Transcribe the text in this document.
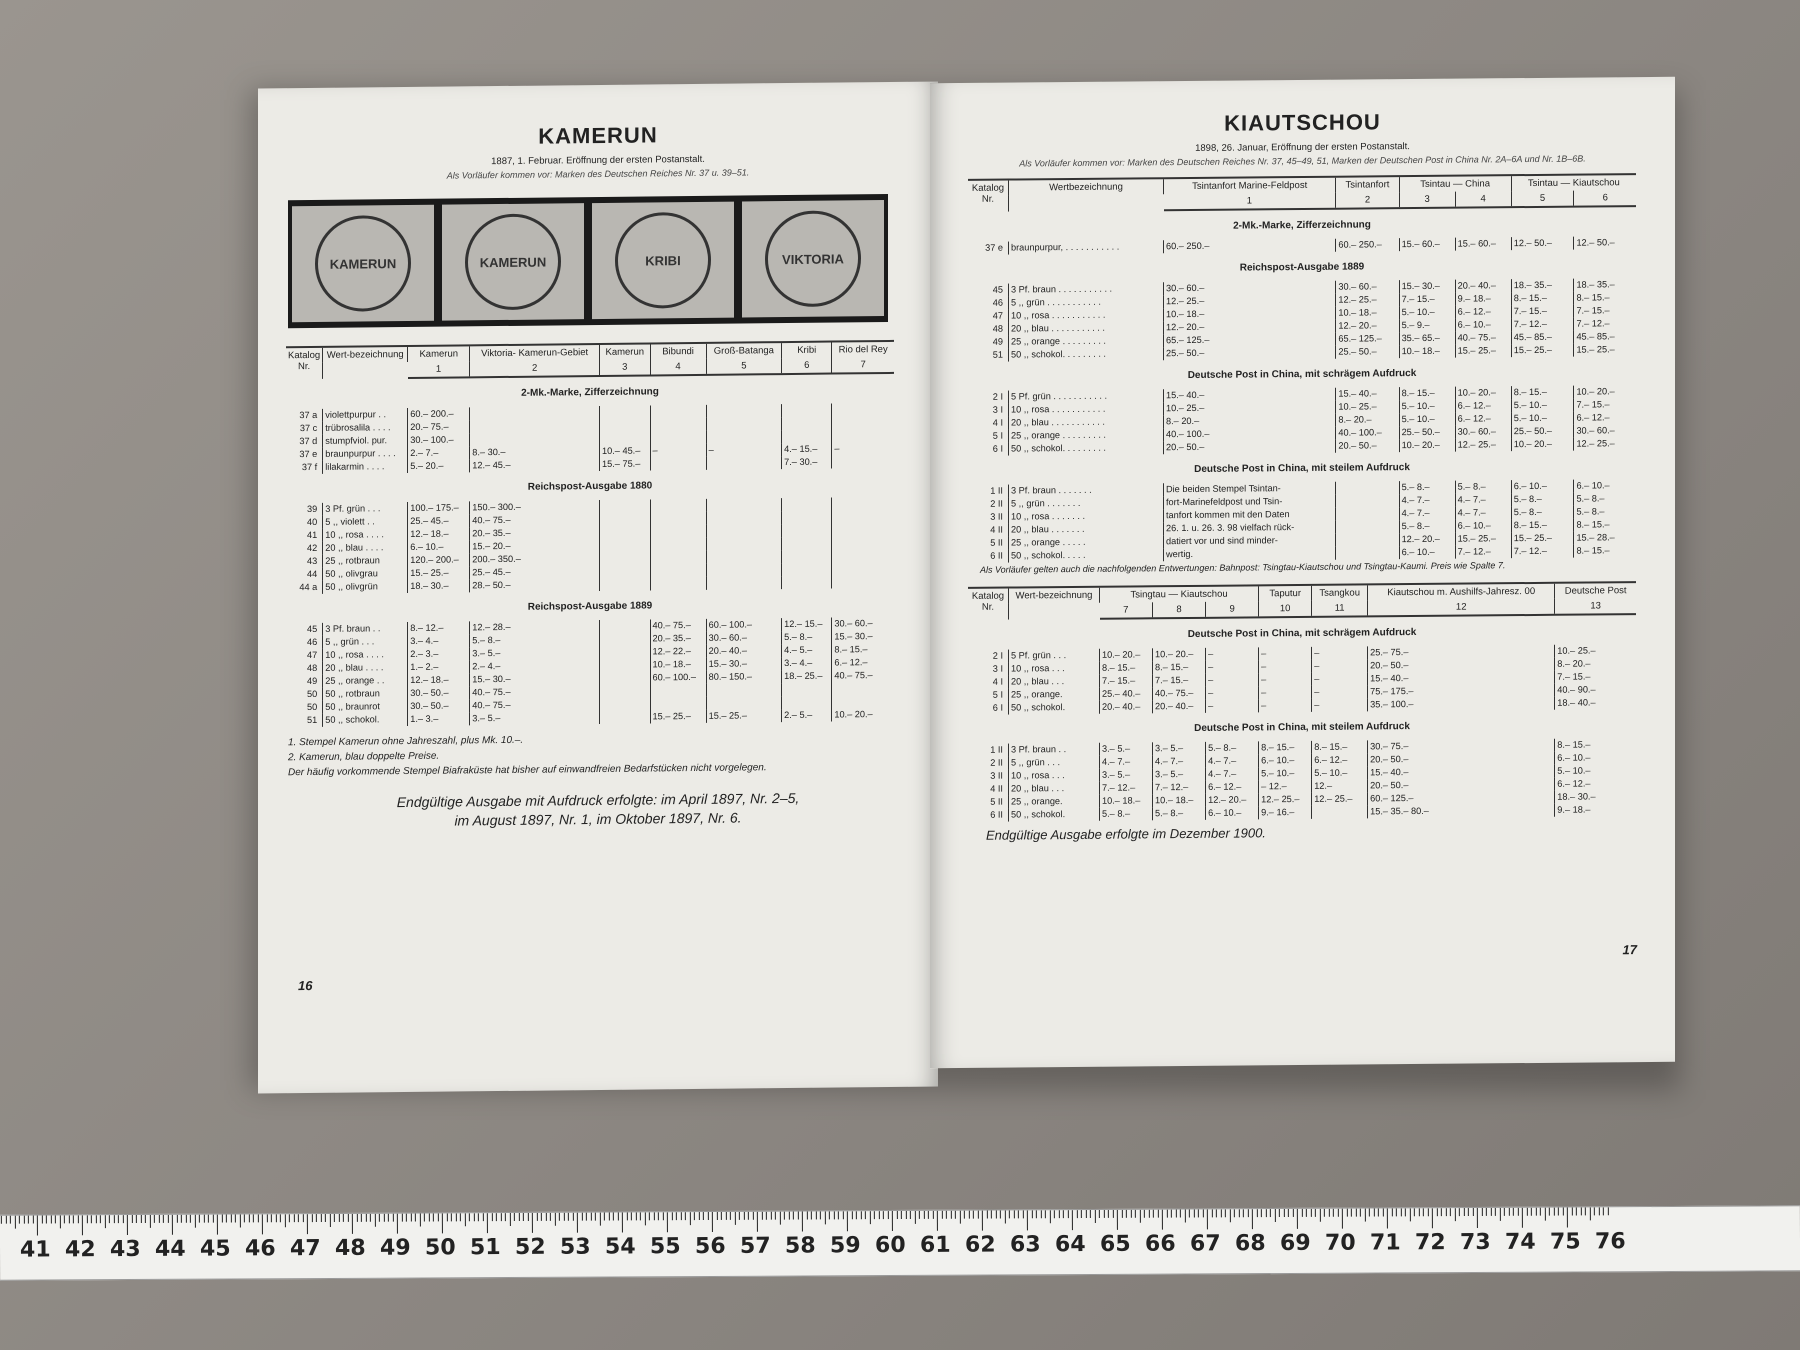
KAMERUN
1887, 1. Februar. Eröffnung der ersten Postanstalt.
Als Vorläufer kommen vor: Marken des Deutschen Reiches Nr. 37 u. 39–51.
KAMERUN	KAMERUN	KRIBI	VIKTORIA
Katalog Nr.	Wert-bezeichnung	Kamerun	Viktoria- Kamerun-Gebiet	Kamerun	Bibundi	Groß-Batanga	Kribi	Rio del Rey
		1	2	3	4	5	6	7
2-Mk.-Marke, Zifferzeichnung								
37 a	violettpurpur . .	60.– 200.–						
37 c	trübrosalila . . . .	20.– 75.–						
37 d	stumpfviol. pur.	30.– 100.–						
37 e	braunpurpur . . . .	2.– 7.–	8.– 30.–	10.– 45.–	–	–	4.– 15.–	–
37 f	lilakarmin . . . .	5.– 20.–	12.– 45.–	15.– 75.–			7.– 30.–	
Reichspost-Ausgabe 1880								
39	3 Pf. grün . . .	100.– 175.–	150.– 300.–					
40	5 ,, violett . .	25.– 45.–	40.– 75.–					
41	10 ,, rosa . . . .	12.– 18.–	20.– 35.–					
42	20 ,, blau . . . .	6.– 10.–	15.– 20.–					
43	25 ,, rotbraun	120.– 200.–	200.– 350.–					
44	50 ,, olivgrau	15.– 25.–	25.– 45.–					
44 a	50 ,, olivgrün	18.– 30.–	28.– 50.–					
Reichspost-Ausgabe 1889								
45	3 Pf. braun . .	8.– 12.–	12.– 28.–		40.– 75.–	60.– 100.–	12.– 15.–	30.– 60.–
46	5 ,, grün . . .	3.– 4.–	5.– 8.–		20.– 35.–	30.– 60.–	5.– 8.–	15.– 30.–
47	10 ,, rosa . . . .	2.– 3.–	3.– 5.–		12.– 22.–	20.– 40.–	4.– 5.–	8.– 15.–
48	20 ,, blau . . . .	1.– 2.–	2.– 4.–		10.– 18.–	15.– 30.–	3.– 4.–	6.– 12.–
49	25 ,, orange . .	12.– 18.–	15.– 30.–		60.– 100.–	80.– 150.–	18.– 25.–	40.– 75.–
50	50 ,, rotbraun	30.– 50.–	40.– 75.–					
50	50 ,, braunrot	30.– 50.–	40.– 75.–					
51	50 ,, schokol.	1.– 3.–	3.– 5.–		15.– 25.–	15.– 25.–	2.– 5.–	10.– 20.–
1. Stempel Kamerun ohne Jahreszahl, plus Mk. 10.–.
2. Kamerun, blau doppelte Preise.
Der häufig vorkommende Stempel Biafraküste hat bisher auf einwandfreien Bedarfstücken nicht vorgelegen.
Endgültige Ausgabe mit Aufdruck erfolgte: im April 1897, Nr. 2–5,
im August 1897, Nr. 1, im Oktober 1897, Nr. 6.
16
KIAUTSCHOU
1898, 26. Januar, Eröffnung der ersten Postanstalt.
Als Vorläufer kommen vor: Marken des Deutschen Reiches Nr. 37, 45–49, 51, Marken der Deutschen Post in China Nr. 2A–6A und Nr. 1B–6B.
Katalog Nr.	Wertbezeichnung	Tsintanfort Marine-Feldpost	Tsintanfort	Tsintau — China		Tsintau — Kiautschou	
		1	2	3	4	5	6
2-Mk.-Marke, Zifferzeichnung							
37 e	braunpurpur, . . . . . . . . . . .	60.– 250.–	60.– 250.–	15.– 60.–	15.– 60.–	12.– 50.–	12.– 50.–
Reichspost-Ausgabe 1889							
45	3 Pf. braun . . . . . . . . . . .	30.– 60.–	30.– 60.–	15.– 30.–	20.– 40.–	18.– 35.–	18.– 35.–
46	5 ,, grün . . . . . . . . . . .	12.– 25.–	12.– 25.–	7.– 15.–	9.– 18.–	8.– 15.–	8.– 15.–
47	10 ,, rosa . . . . . . . . . . .	10.– 18.–	10.– 18.–	5.– 10.–	6.– 12.–	7.– 15.–	7.– 15.–
48	20 ,, blau . . . . . . . . . . .	12.– 20.–	12.– 20.–	5.– 9.–	6.– 10.–	7.– 12.–	7.– 12.–
49	25 ,, orange . . . . . . . . .	65.– 125.–	65.– 125.–	35.– 65.–	40.– 75.–	45.– 85.–	45.– 85.–
51	50 ,, schokol. . . . . . . . .	25.– 50.–	25.– 50.–	10.– 18.–	15.– 25.–	15.– 25.–	15.– 25.–
Deutsche Post in China, mit schrägem Aufdruck							
2 I	5 Pf. grün . . . . . . . . . . .	15.– 40.–	15.– 40.–	8.– 15.–	10.– 20.–	8.– 15.–	10.– 20.–
3 I	10 ,, rosa . . . . . . . . . . .	10.– 25.–	10.– 25.–	5.– 10.–	6.– 12.–	5.– 10.–	7.– 15.–
4 I	20 ,, blau . . . . . . . . . . .	8.– 20.–	8.– 20.–	5.– 10.–	6.– 12.–	5.– 10.–	6.– 12.–
5 I	25 ,, orange . . . . . . . . .	40.– 100.–	40.– 100.–	25.– 50.–	30.– 60.–	25.– 50.–	30.– 60.–
6 I	50 ,, schokol. . . . . . . . .	20.– 50.–	20.– 50.–	10.– 20.–	12.– 25.–	10.– 20.–	12.– 25.–
Deutsche Post in China, mit steilem Aufdruck							
1 II	3 Pf. braun . . . . . . .	Die beiden Stempel Tsintan-		5.– 8.–	5.– 8.–	6.– 10.–	6.– 10.–
2 II	5 ,, grün . . . . . . .	fort-Marinefeldpost und Tsin-		4.– 7.–	4.– 7.–	5.– 8.–	5.– 8.–
3 II	10 ,, rosa . . . . . . .	tanfort kommen mit den Daten		4.– 7.–	4.– 7.–	5.– 8.–	5.– 8.–
4 II	20 ,, blau . . . . . . .	26. 1. u. 26. 3. 98 vielfach rück-		5.– 8.–	6.– 10.–	8.– 15.–	8.– 15.–
5 II	25 ,, orange . . . . .	datiert vor und sind minder-		12.– 20.–	15.– 25.–	15.– 25.–	15.– 28.–
6 II	50 ,, schokol. . . . .	wertig.		6.– 10.–	7.– 12.–	7.– 12.–	8.– 15.–
Als Vorläufer gelten auch die nachfolgenden Entwertungen: Bahnpost: Tsingtau-Kiautschou und Tsingtau-Kaumi. Preis wie Spalte 7.
Katalog Nr.	Wert-bezeichnung	Tsingtau — Kiautschou			Taputur	Tsangkou	Kiautschou m. Aushilfs-Jahresz. 00	Deutsche Post
		7	8	9	10	11	12	13
Deutsche Post in China, mit schrägem Aufdruck								
2 I	5 Pf. grün . . .	10.– 20.–	10.– 20.–	–	–	–	25.– 75.–	10.– 25.–
3 I	10 ,, rosa . . .	8.– 15.–	8.– 15.–	–	–	–	20.– 50.–	8.– 20.–
4 I	20 ,, blau . . .	7.– 15.–	7.– 15.–	–	–	–	15.– 40.–	7.– 15.–
5 I	25 ,, orange.	25.– 40.–	40.– 75.–	–	–	–	75.– 175.–	40.– 90.–
6 I	50 ,, schokol.	20.– 40.–	20.– 40.–	–	–	–	35.– 100.–	18.– 40.–
Deutsche Post in China, mit steilem Aufdruck								
1 II	3 Pf. braun . .	3.– 5.–	3.– 5.–	5.– 8.–	8.– 15.–	8.– 15.–	30.– 75.–	8.– 15.–
2 II	5 ,, grün . . .	4.– 7.–	4.– 7.–	4.– 7.–	6.– 10.–	6.– 12.–	20.– 50.–	6.– 10.–
3 II	10 ,, rosa . . .	3.– 5.–	3.– 5.–	4.– 7.–	5.– 10.–	5.– 10.–	15.– 40.–	5.– 10.–
4 II	20 ,, blau . . .	7.– 12.–	7.– 12.–	6.– 12.–	– 12.–	12.–	20.– 50.–	6.– 12.–
5 II	25 ,, orange.	10.– 18.–	10.– 18.–	12.– 20.–	12.– 25.–	12.– 25.–	60.– 125.–	18.– 30.–
6 II	50 ,, schokol.	5.– 8.–	5.– 8.–	6.– 10.–	9.– 16.–		15.– 35.– 80.–	9.– 18.–
Endgültige Ausgabe erfolgte im Dezember 1900.
17
41 42 43 44 45 46 47 48 49 50 51 52 53 54 55 56 57 58 59 60 61 62 63 64 65 66 67 68 69 70 71 72 73 74 75 76
